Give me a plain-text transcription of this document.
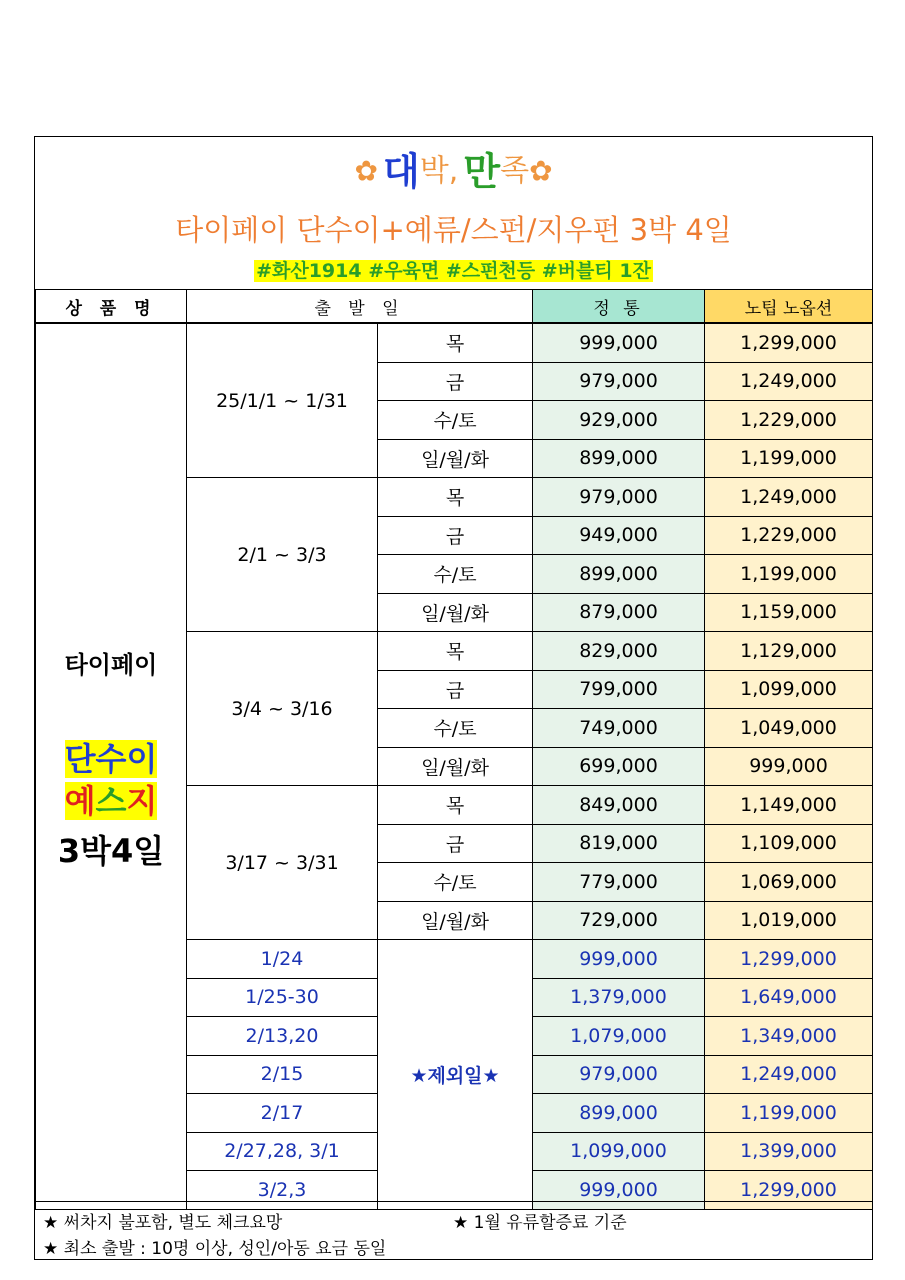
✿ 대박, 만족✿
타이페이 단수이+예류/스펀/지우펀 3박 4일
#화산1914 #우육면 #스펀천등 #버블티 1잔
상 품 명	출 발 일		정 통	노팁 노옵션

타이페이
단수이
예스지
3박4일	25/1/1 ~ 1/31	목	999,000	1,299,000
		금	979,000	1,249,000
		수/토	929,000	1,229,000
		일/월/화	899,000	1,199,000
	2/1 ~ 3/3	목	979,000	1,249,000
		금	949,000	1,229,000
		수/토	899,000	1,199,000
		일/월/화	879,000	1,159,000
	3/4 ~ 3/16	목	829,000	1,129,000
		금	799,000	1,099,000
		수/토	749,000	1,049,000
		일/월/화	699,000	999,000
	3/17 ~ 3/31	목	849,000	1,149,000
		금	819,000	1,109,000
		수/토	779,000	1,069,000
		일/월/화	729,000	1,019,000
	1/24	★제외일★	999,000	1,299,000
	1/25-30		1,379,000	1,649,000
	2/13,20		1,079,000	1,349,000
	2/15		979,000	1,249,000
	2/17		899,000	1,199,000
	2/27,28, 3/1		1,099,000	1,399,000
	3/2,3		999,000	1,299,000
★ 써차지 불포함, 별도 체크요망	★ 1월 유류할증료 기준
★ 최소 출발 : 10명 이상, 성인/아동 요금 동일
